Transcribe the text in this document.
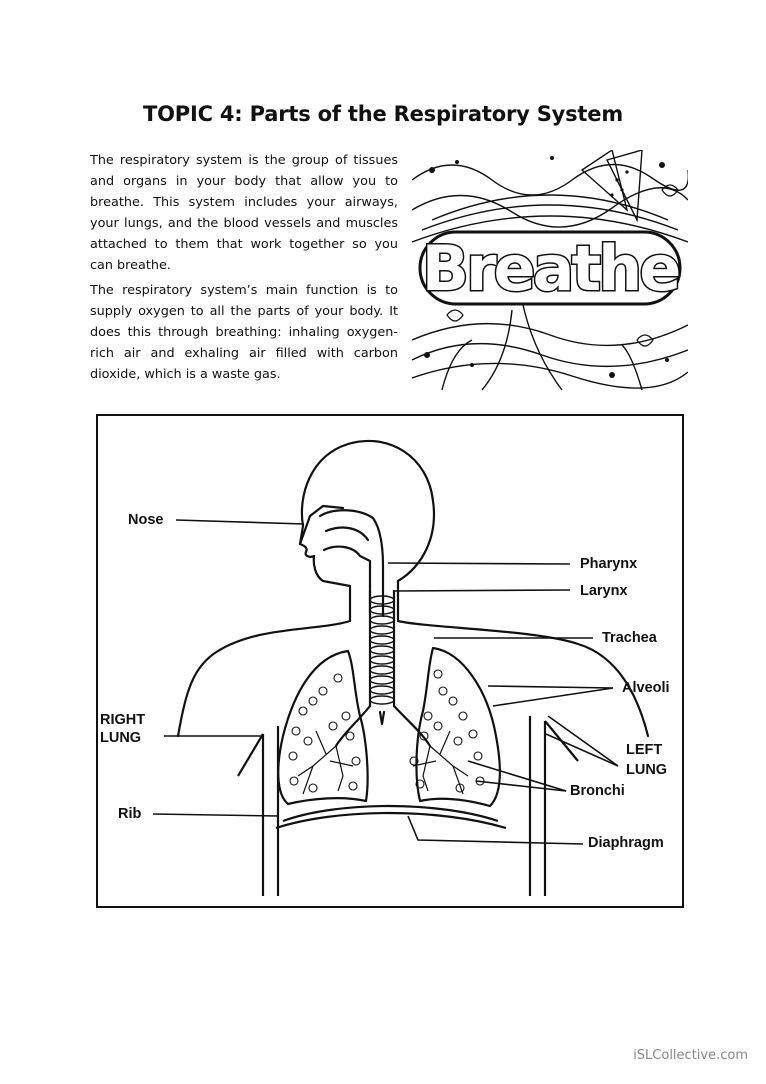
TOPIC 4: Parts of the Respiratory System

The respiratory system is the group of tissues and organs in your body that allow you to breathe. This system includes your airways, your lungs, and the blood vessels and muscles attached to them that work together so you can breathe.

The respiratory system’s main function is to supply oxygen to all the parts of your body. It does this through breathing: inhaling oxygen-rich air and exhaling air filled with carbon dioxide, which is a waste gas.

Breathe
Nose
Pharynx
Larynx
Trachea
Alveoli
RIGHT
LUNG
LEFT
LUNG
Bronchi
Rib
Diaphragm
iSLCollective.com
